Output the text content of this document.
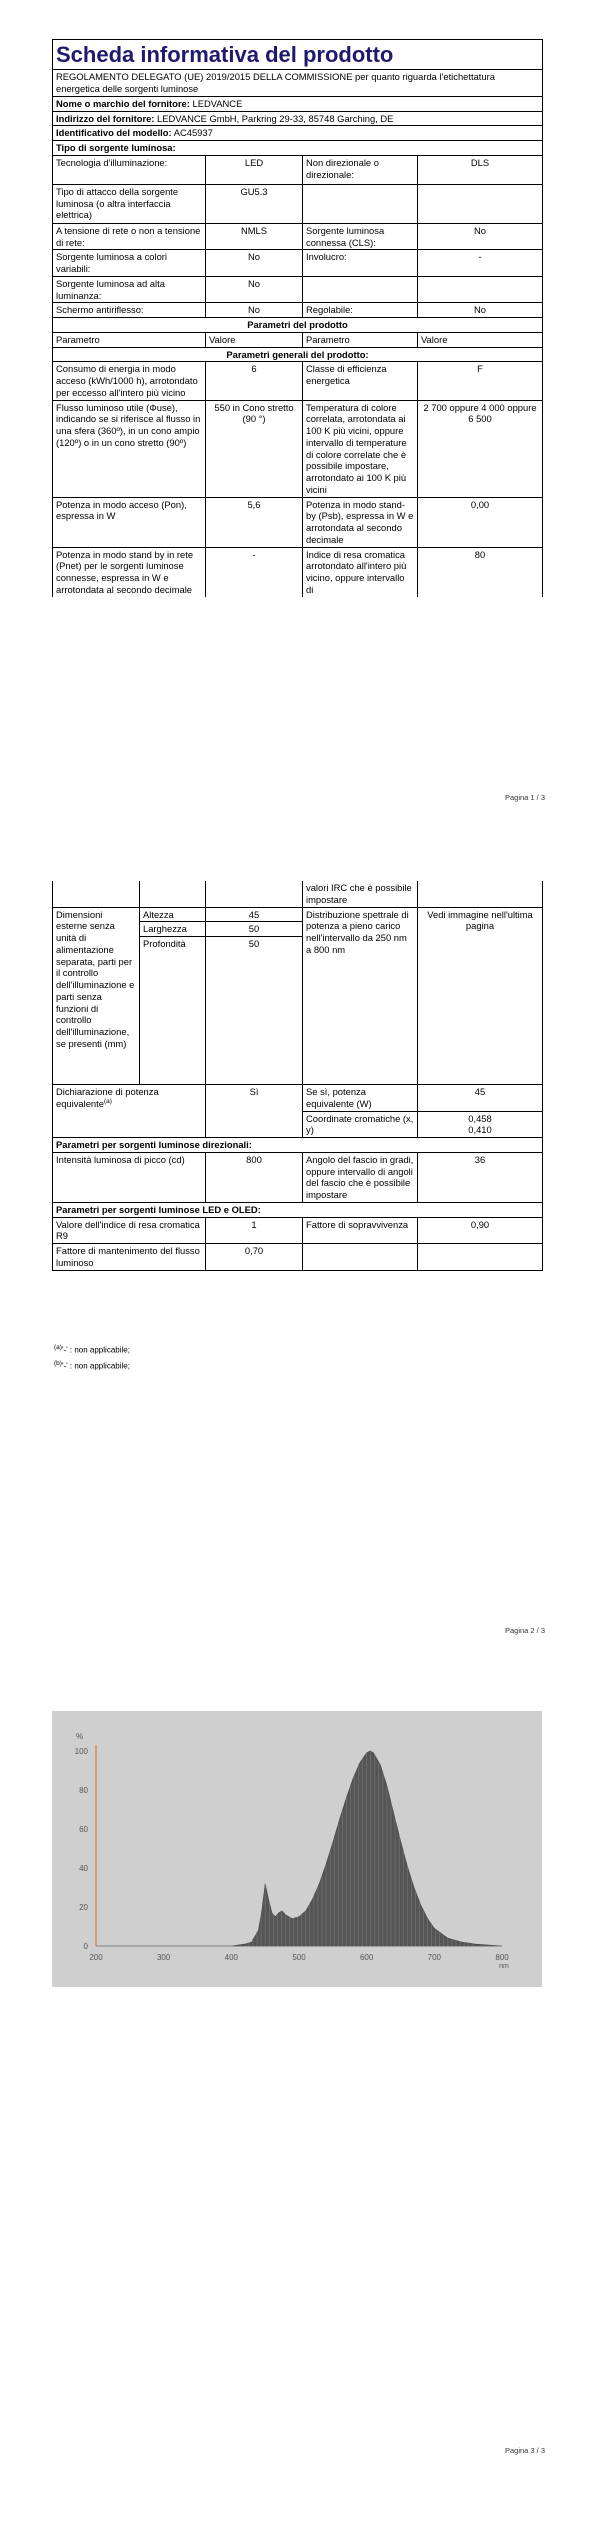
Scheda informativa del prodotto			
REGOLAMENTO DELEGATO (UE) 2019/2015 DELLA COMMISSIONE per quanto riguarda l'etichettatura energetica delle sorgenti luminose			
Nome o marchio del fornitore: LEDVANCE			
Indirizzo del fornitore: LEDVANCE GmbH, Parkring 29-33, 85748 Garching, DE			
Identificativo del modello: AC45937			
Tipo di sorgente luminosa:			
Tecnologia d'illuminazione:	LED	Non direzionale o direzionale:	DLS
Tipo di attacco della sorgente luminosa (o altra interfaccia elettrica)	GU5.3		
A tensione di rete o non a tensione di rete:	NMLS	Sorgente luminosa connessa (CLS):	No
Sorgente luminosa a colori variabili:	No	Involucro:	-
Sorgente luminosa ad alta luminanza:	No		
Schermo antiriflesso:	No	Regolabile:	No
Parametri del prodotto			
Parametro	Valore	Parametro	Valore
Parametri generali del prodotto:			
Consumo di energia in modo acceso (kWh/1000 h), arrotondato per eccesso all'intero più vicino	6	Classe di efficienza energetica	F
Flusso luminoso utile (Φuse), indicando se si riferisce al flusso in una sfera (360º), in un cono ampio (120º) o in un cono stretto (90º)	550 in Cono stretto (90 °)	Temperatura di colore correlata, arrotondata ai 100 K più vicini, oppure intervallo di temperature di colore correlate che è possibile impostare, arrotondato ai 100 K più vicini	2 700 oppure 4 000 oppure 6 500
Potenza in modo acceso (Pon), espressa in W	5,6	Potenza in modo stand-by (Psb), espressa in W e arrotondata al secondo decimale	0,00
Potenza in modo stand by in rete (Pnet) per le sorgenti luminose connesse, espressa in W e arrotondata al secondo decimale	-	Indice di resa cromatica arrotondato all'intero più vicino, oppure intervallo di	80
Pagina 1 / 3
			valori IRC che è possibile impostare	
Dimensioni esterne senza unità di alimentazione separata, parti per il controllo dell'illuminazione e parti senza funzioni di controllo dell'illuminazione, se presenti (mm)	Altezza	45	Distribuzione spettrale di potenza a pieno carico nell'intervallo da 250 nm a 800 nm	Vedi immagine nell'ultima pagina
	Larghezza	50		
	Profondità	50		
Dichiarazione di potenza equivalente$^{(a)}$		Sì	Se sì, potenza equivalente (W)	45
			Coordinate cromatiche (x, y)	0,458
0,410

Parametri per sorgenti luminose direzionali:				
Intensità luminosa di picco (cd)		800	Angolo del fascio in gradi, oppure intervallo di angoli del fascio che è possibile impostare	36
Parametri per sorgenti luminose LED e OLED:				
Valore dell'indice di resa cromatica R9		1	Fattore di sopravvivenza	0,90
Fattore di mantenimento del flusso luminoso		0,70		
$^{(a)}$'-' : non applicabile;
$^{(b)}$'-' : non applicabile;
Pagina 2 / 3
0
20
40
60
80
100
200	300	400	500	600	700	800
%
nm
Pagina 3 / 3
